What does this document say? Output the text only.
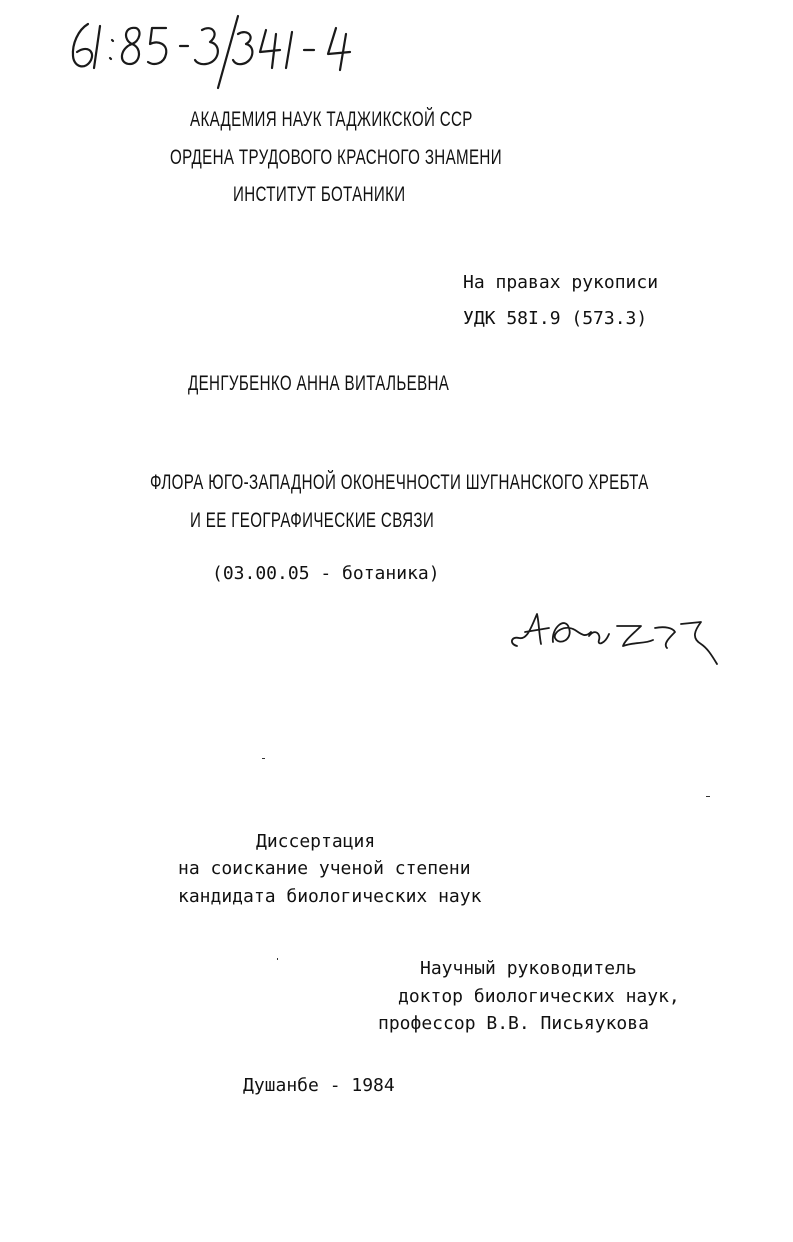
АКАДЕМИЯ НАУК ТАДЖИКСКОЙ ССР
ОРДЕНА ТРУДОВОГО КРАСНОГО ЗНАМЕНИ
ИНСТИТУТ БОТАНИКИ
На правах рукописи
УДК 58I.9 (573.3)
ДЕНГУБЕНКО АННА ВИТАЛЬЕВНА
ФЛОРА ЮГО-ЗАПАДНОЙ ОКОНЕЧНОСТИ ШУГНАНСКОГО ХРЕБТА
И ЕЕ ГЕОГРАФИЧЕСКИЕ СВЯЗИ
(03.00.05 - ботаника)
Диссертация
на соискание ученой степени
кандидата биологических наук
Научный руководитель
доктор биологических наук,
профессор В.В. Письяукова
Душанбе - 1984
